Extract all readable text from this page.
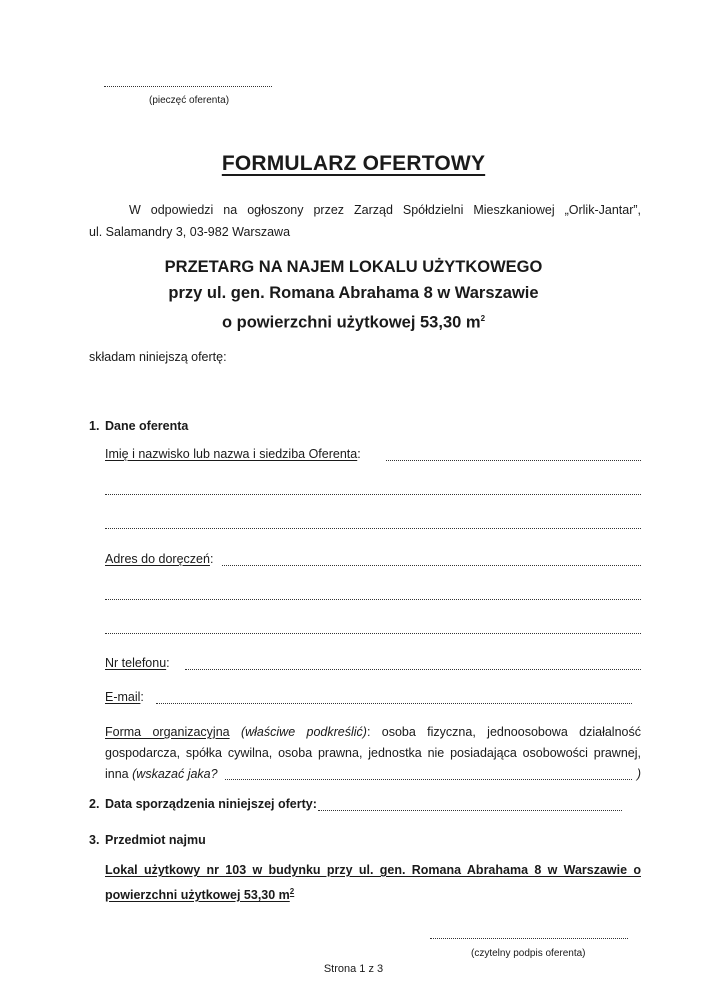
(pieczęć oferenta)
FORMULARZ OFERTOWY
W odpowiedzi na ogłoszony przez Zarząd Spółdzielni Mieszkaniowej „Orlik-Jantar”,
ul. Salamandry 3, 03-982 Warszawa
PRZETARG NA NAJEM LOKALU UŻYTKOWEGO
przy ul. gen. Romana Abrahama 8 w Warszawie
o powierzchni użytkowej 53,30 $m^2$
składam niniejszą ofertę:
1. Dane oferenta
Imię i nazwisko lub nazwa i siedziba Oferenta:
Adres do doręczeń:
Nr telefonu:
E-mail:
Forma organizacyjna (właściwe podkreślić): osoba fizyczna, jednoosobowa działalność
gospodarcza, spółka cywilna, osoba prawna, jednostka nie posiadająca osobowości prawnej,
inna (wskazać jaka?	)
2. Data sporządzenia niniejszej oferty:
3. Przedmiot najmu
Lokal użytkowy nr 103 w budynku przy ul. gen. Romana Abrahama 8 w Warszawie o
powierzchni użytkowej 53,30 $m^2$
(czytelny podpis oferenta)
Strona 1 z 3
